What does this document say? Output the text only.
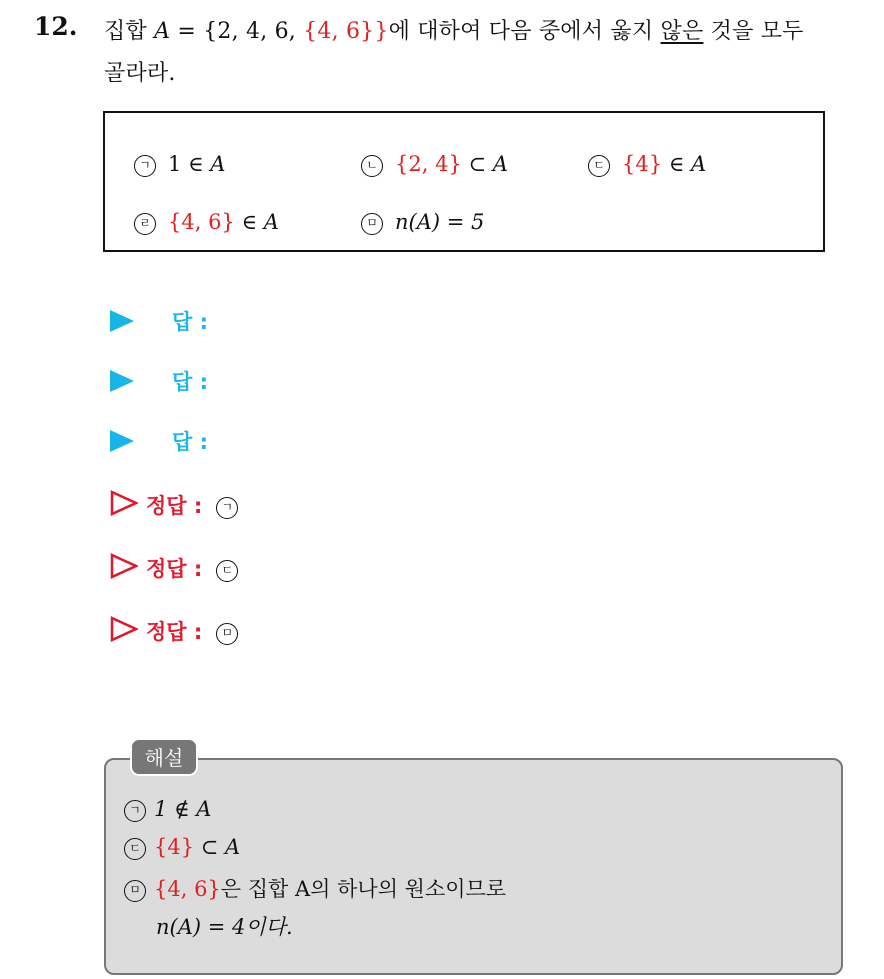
12. 집합 A = {2, 4, 6, {4, 6}}에 대하여 다음 중에서 옳지 않은 것을 모두
골라라.
ㄱ 1 ∈ A	ㄴ {2, 4} ⊂ A	ㄷ {4} ∈ A
ㄹ {4, 6} ∈ A	ㅁ n(A) = 5
답 :
답 :
답 :
정답 : ㄱ
정답 : ㄷ
정답 : ㅁ
해설
ㄱ 1 ∉ A
ㄷ {4} ⊂ A
ㅁ {4, 6}은 집합 A의 하나의 원소이므로
n(A) = 4이다.
